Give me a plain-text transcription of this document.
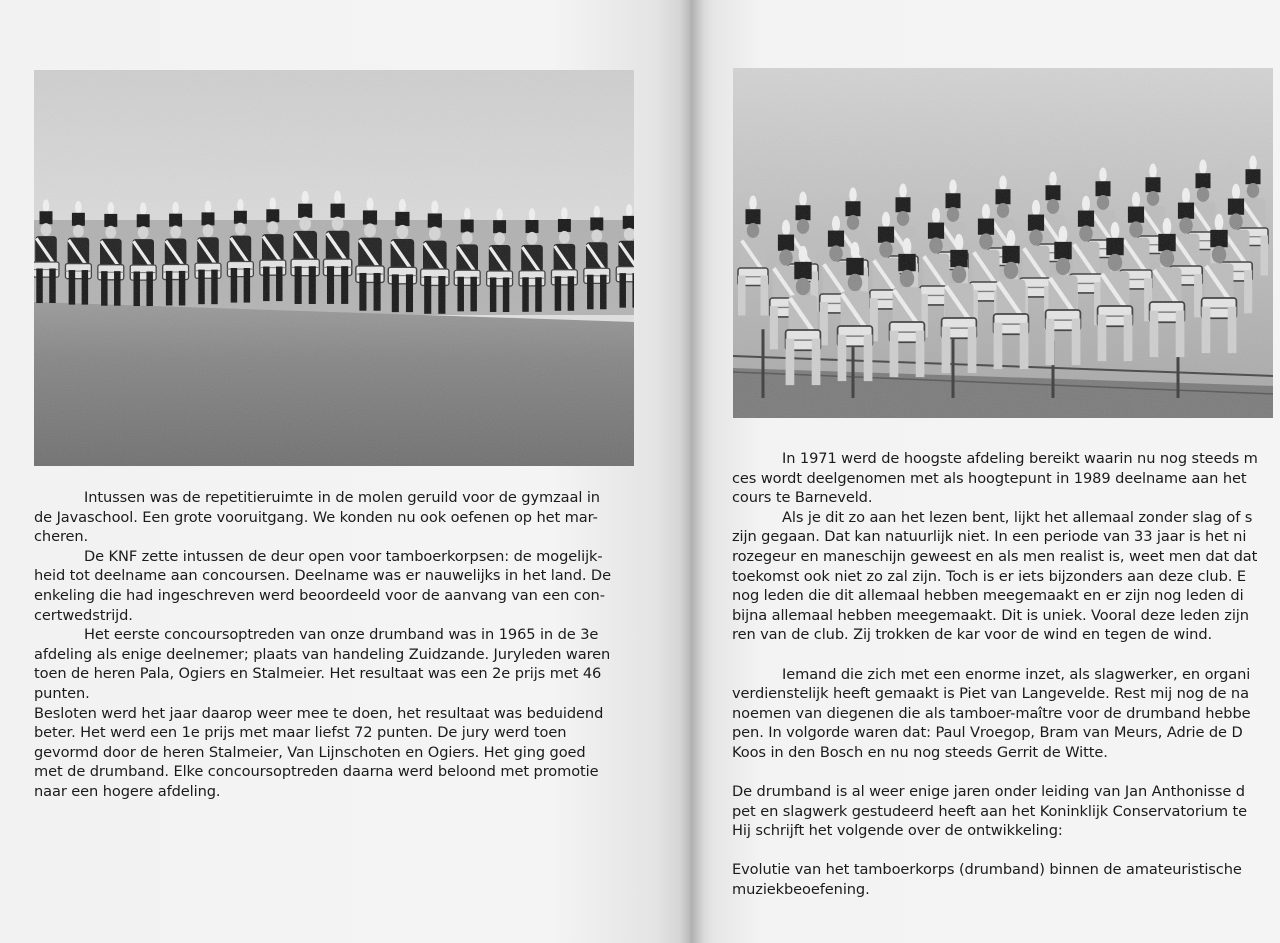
Intussen was de repetitieruimte in de molen geruild voor de gymzaal in
de Javaschool. Een grote vooruitgang. We konden nu ook oefenen op het mar-
cheren.

De KNF zette intussen de deur open voor tamboerkorpsen: de mogelijk-
heid tot deelname aan concoursen. Deelname was er nauwelijks in het land. De
enkeling die had ingeschreven werd beoordeeld voor de aanvang van een con-
certwedstrijd.

Het eerste concoursoptreden van onze drumband was in 1965 in de 3e
afdeling als enige deelnemer; plaats van handeling Zuidzande. Juryleden waren
toen de heren Pala, Ogiers en Stalmeier. Het resultaat was een 2e prijs met 46
punten.

Besloten werd het jaar daarop weer mee te doen, het resultaat was beduidend
beter. Het werd een 1e prijs met maar liefst 72 punten. De jury werd toen
gevormd door de heren Stalmeier, Van Lijnschoten en Ogiers. Het ging goed
met de drumband. Elke concoursoptreden daarna werd beloond met promotie
naar een hogere afdeling.

In 1971 werd de hoogste afdeling bereikt waarin nu nog steeds m
ces wordt deelgenomen met als hoogtepunt in 1989 deelname aan het
cours te Barneveld.

Als je dit zo aan het lezen bent, lijkt het allemaal zonder slag of s
zijn gegaan. Dat kan natuurlijk niet. In een periode van 33 jaar is het ni
rozegeur en maneschijn geweest en als men realist is, weet men dat dat
toekomst ook niet zo zal zijn. Toch is er iets bijzonders aan deze club. E
nog leden die dit allemaal hebben meegemaakt en er zijn nog leden di
bijna allemaal hebben meegemaakt. Dit is uniek. Vooral deze leden zijn
ren van de club. Zij trokken de kar voor de wind en tegen de wind.

Iemand die zich met een enorme inzet, als slagwerker, en organi
verdienstelijk heeft gemaakt is Piet van Langevelde. Rest mij nog de na
noemen van diegenen die als tamboer-maître voor de drumband hebbe
pen. In volgorde waren dat: Paul Vroegop, Bram van Meurs, Adrie de D
Koos in den Bosch en nu nog steeds Gerrit de Witte.

De drumband is al weer enige jaren onder leiding van Jan Anthonisse d
pet en slagwerk gestudeerd heeft aan het Koninklijk Conservatorium te
Hij schrijft het volgende over de ontwikkeling:

Evolutie van het tamboerkorps (drumband) binnen de amateuristische
muziekbeoefening.
